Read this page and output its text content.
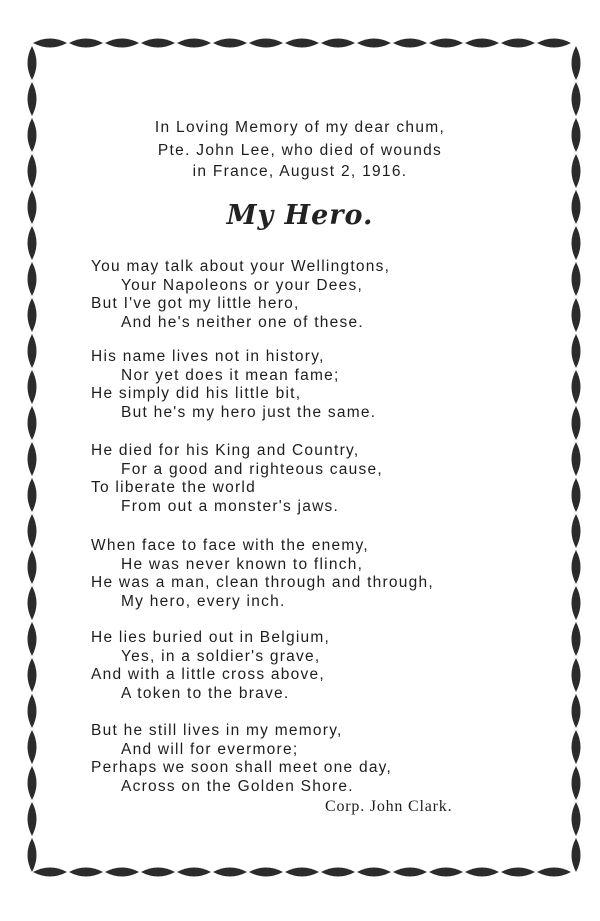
In Loving Memory of my dear chum,
Pte. John Lee, who died of wounds
in France, August 2, 1916.
My Hero.
You may talk about your Wellingtons,
Your Napoleons or your Dees,
But I've got my little hero,
And he's neither one of these.
His name lives not in history,
Nor yet does it mean fame;
He simply did his little bit,
But he's my hero just the same.
He died for his King and Country,
For a good and righteous cause,
To liberate the world
From out a monster's jaws.
When face to face with the enemy,
He was never known to flinch,
He was a man, clean through and through,
My hero, every inch.
He lies buried out in Belgium,
Yes, in a soldier's grave,
And with a little cross above,
A token to the brave.
But he still lives in my memory,
And will for evermore;
Perhaps we soon shall meet one day,
Across on the Golden Shore.
Corp. John Clark.
